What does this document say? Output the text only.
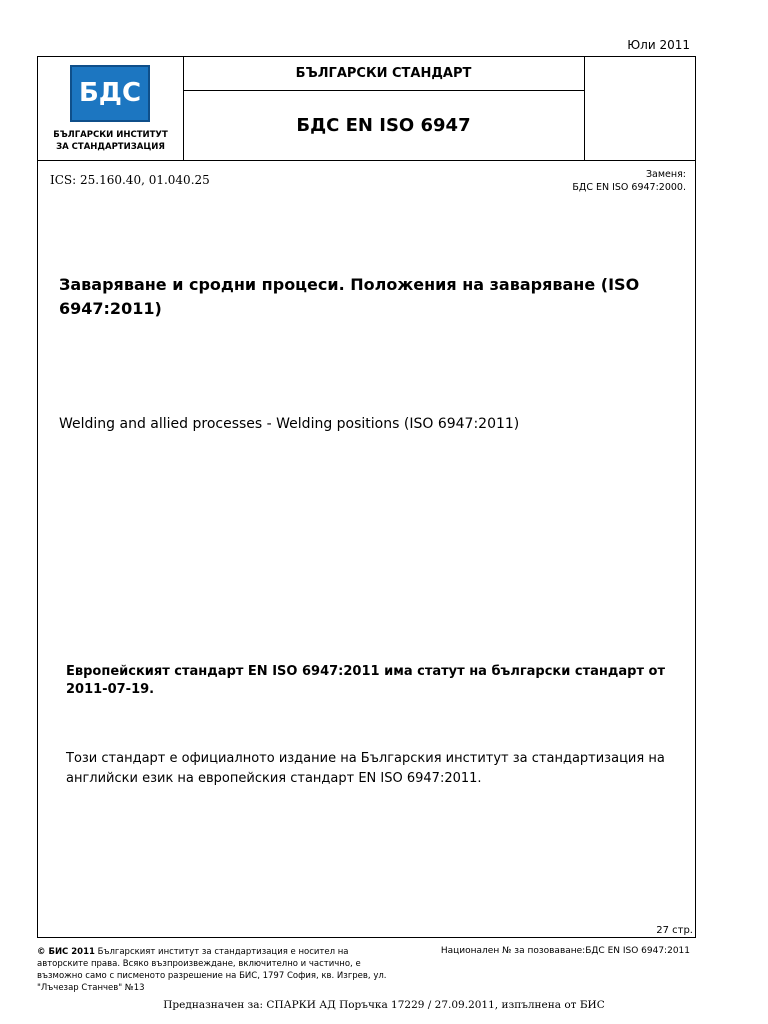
Юли 2011
БДС
БЪЛГАРСКИ ИНСТИТУТ
ЗА СТАНДАРТИЗАЦИЯ
БЪЛГАРСКИ СТАНДАРТ
БДС EN ISO 6947
ICS: 25.160.40, 01.040.25	Заменя:
БДС EN ISO 6947:2000.
Заваряване и сродни процеси. Положения на заваряване (ISO 6947:2011)
Welding and allied processes - Welding positions (ISO 6947:2011)
Европейският стандарт EN ISO 6947:2011 има статут на български стандарт от 2011-07-19.
Този стандарт е официалното издание на Българския институт за стандартизация на английски език на европейския стандарт EN ISO 6947:2011.
27 стр.
© БИС 2011 Българският институт за стандартизация е носител на авторските права. Всяко възпроизвеждане, включително и частично, е възможно само с писменото разрешение на БИС, 1797 София, кв. Изгрев, ул. "Лъчезар Станчев" №13
Национален № за позоваване:БДС EN ISO 6947:2011
Предназначен за: СПАРКИ АД Поръчка 17229 / 27.09.2011, изпълнена от БИС
